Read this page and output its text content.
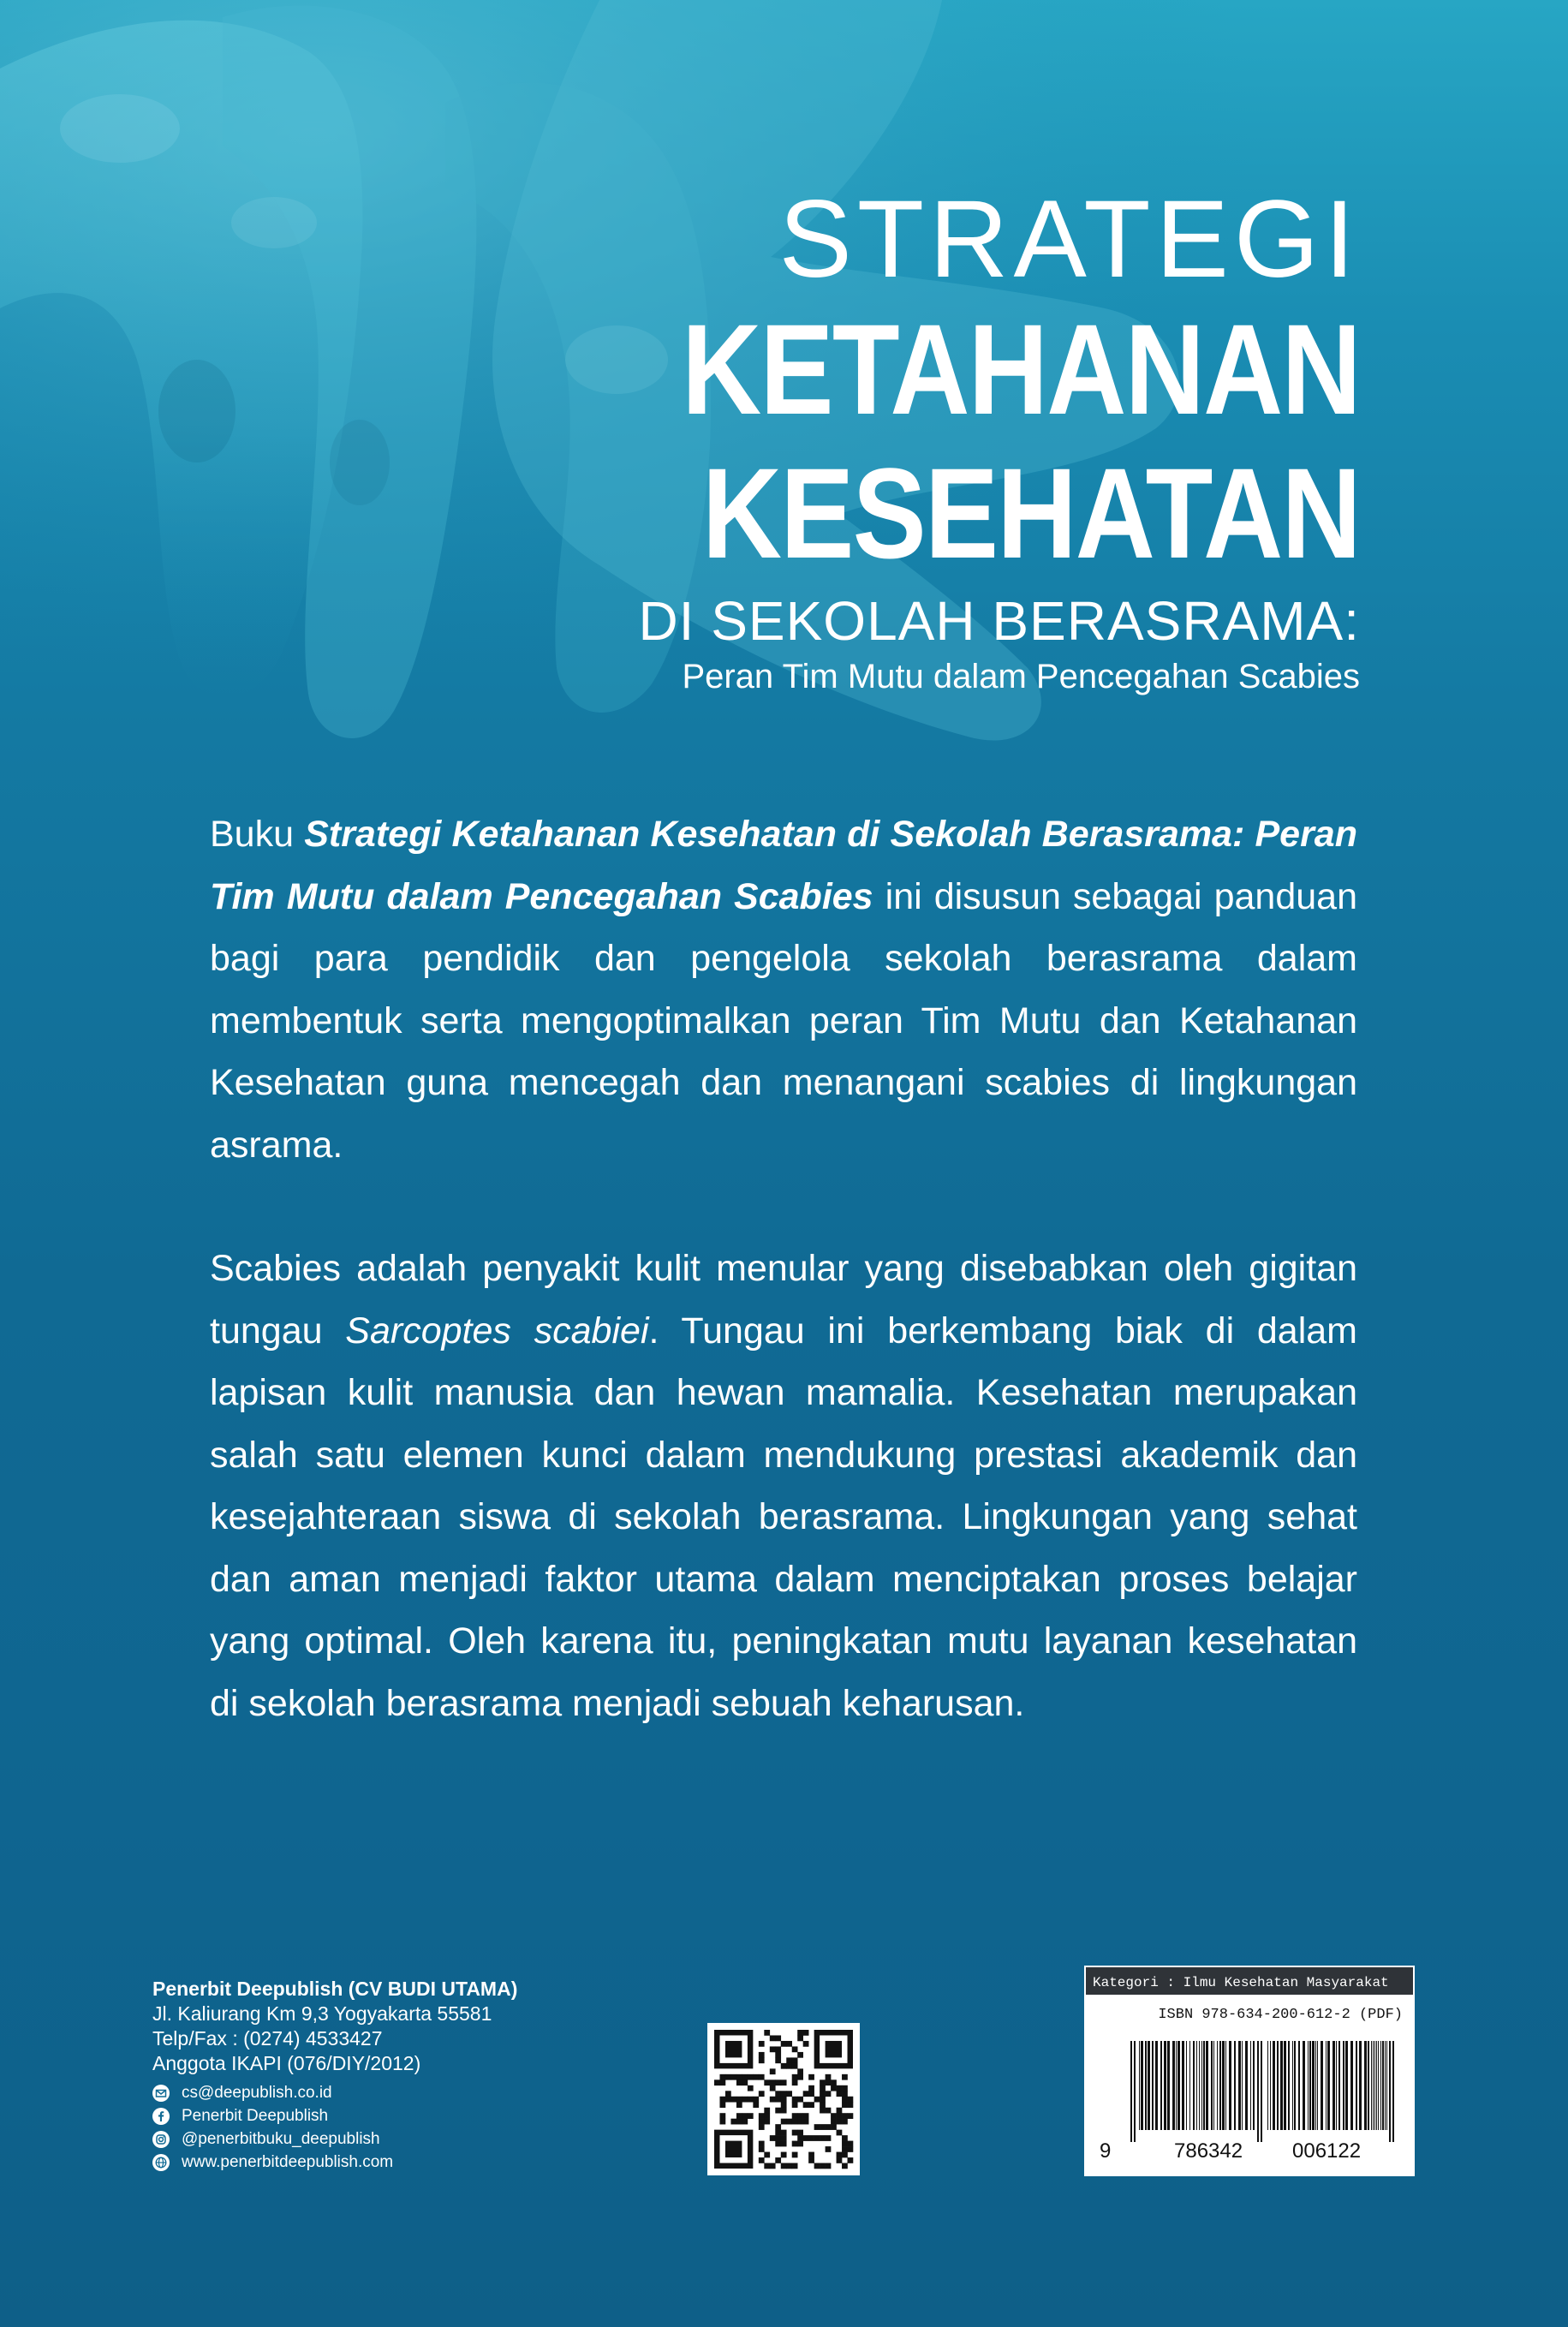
STRATEGI
KETAHANAN
KESEHATAN
DI SEKOLAH BERASRAMA:
Peran Tim Mutu dalam Pencegahan Scabies

Buku Strategi Ketahanan Kesehatan di Sekolah Berasrama: Peran Tim Mutu dalam Pencegahan Scabies ini disusun sebagai panduan bagi para pendidik dan pengelola sekolah berasrama dalam membentuk serta mengoptimalkan peran Tim Mutu dan Ketahanan Kesehatan guna mencegah dan menangani scabies di lingkungan asrama.

Scabies adalah penyakit kulit menular yang disebabkan oleh gigitan tungau Sarcoptes scabiei. Tungau ini berkembang biak di dalam lapisan kulit manusia dan hewan mamalia. Kesehatan merupakan salah satu elemen kunci dalam mendukung prestasi akademik dan kesejahteraan siswa di sekolah berasrama. Lingkungan yang sehat dan aman menjadi faktor utama dalam menciptakan proses belajar yang optimal. Oleh karena itu, peningkatan mutu layanan kesehatan di sekolah berasrama menjadi sebuah keharusan.

Penerbit Deepublish (CV BUDI UTAMA)
Jl. Kaliurang Km 9,3 Yogyakarta 55581
Telp/Fax : (0274) 4533427
Anggota IKAPI (076/DIY/2012)
cs@deepublish.co.id
Penerbit Deepublish
@penerbitbuku_deepublish
www.penerbitdeepublish.com
Kategori : Ilmu Kesehatan Masyarakat
ISBN 978-634-200-612-2 (PDF)
9	786342 006122
